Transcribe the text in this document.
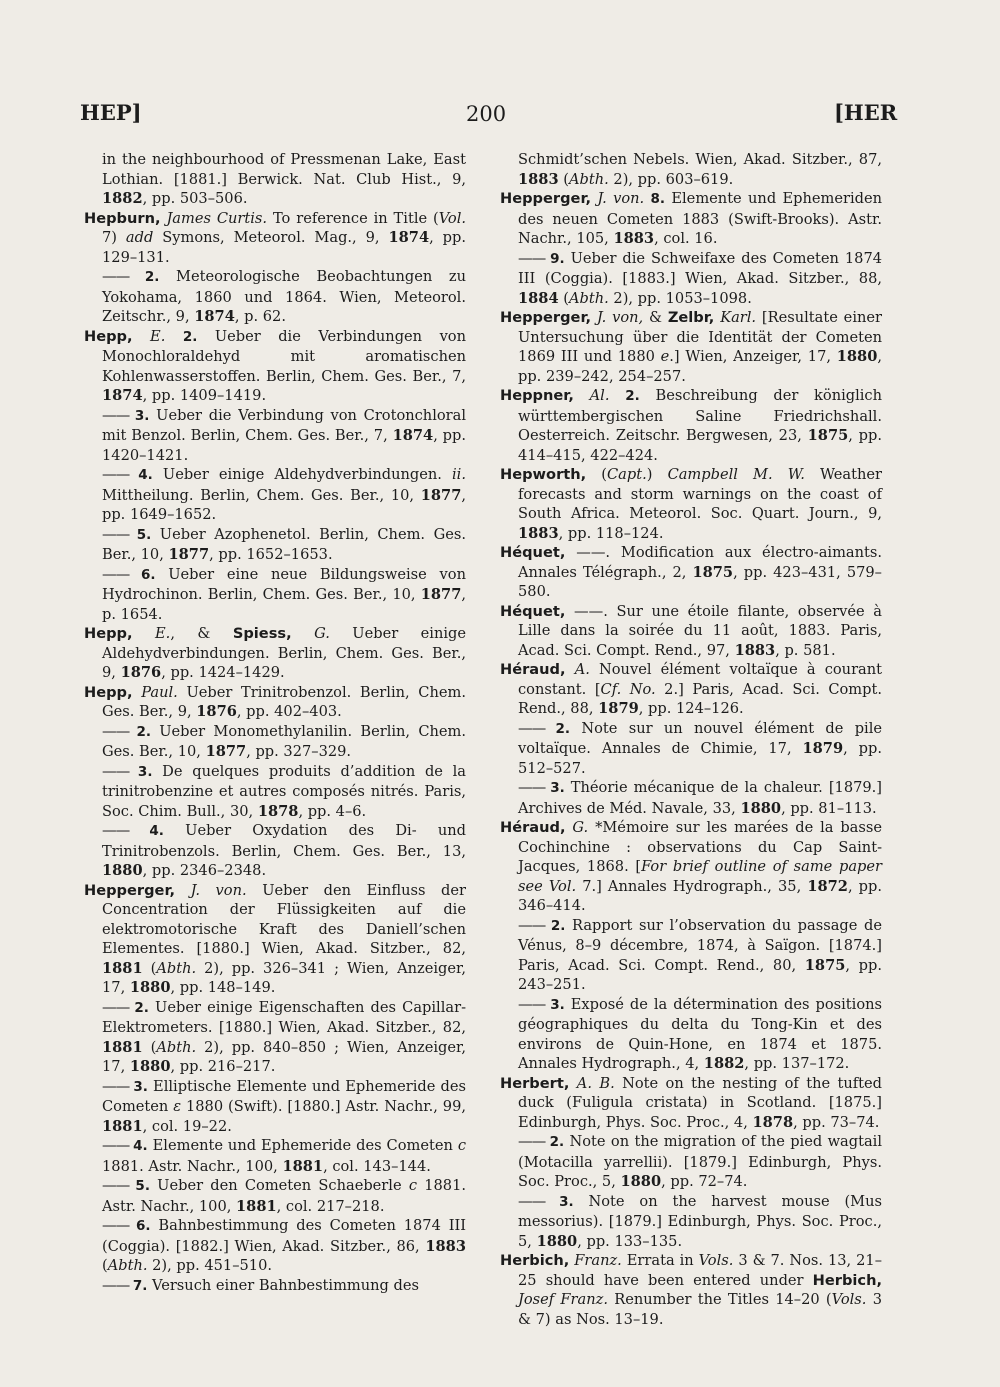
HEP]	200	[HER

in the neighbourhood of Pressmenan Lake, East Lothian. [1881.] Berwick. Nat. Club Hist., 9, 1882, pp. 503–506.

Hepburn, James Curtis. To reference in Title (Vol. 7) add Symons, Meteorol. Mag., 9, 1874, pp. 129–131.

—— 2. Meteorologische Beobachtungen zu Yokohama, 1860 und 1864. Wien, Meteorol. Zeitschr., 9, 1874, p. 62.

Hepp, E. 2. Ueber die Verbindungen von Monochloraldehyd mit aromatischen Kohlenwasserstoffen. Berlin, Chem. Ges. Ber., 7, 1874, pp. 1409–1419.

—— 3. Ueber die Verbindung von Crotonchloral mit Benzol. Berlin, Chem. Ges. Ber., 7, 1874, pp. 1420–1421.

—— 4. Ueber einige Aldehydverbindungen. ii. Mittheilung. Berlin, Chem. Ges. Ber., 10, 1877, pp. 1649–1652.

—— 5. Ueber Azophenetol. Berlin, Chem. Ges. Ber., 10, 1877, pp. 1652–1653.

—— 6. Ueber eine neue Bildungsweise von Hydrochinon. Berlin, Chem. Ges. Ber., 10, 1877, p. 1654.

Hepp, E., & Spiess, G. Ueber einige Aldehydverbindungen. Berlin, Chem. Ges. Ber., 9, 1876, pp. 1424–1429.

Hepp, Paul. Ueber Trinitrobenzol. Berlin, Chem. Ges. Ber., 9, 1876, pp. 402–403.

—— 2. Ueber Monomethylanilin. Berlin, Chem. Ges. Ber., 10, 1877, pp. 327–329.

—— 3. De quelques produits d’addition de la trinitrobenzine et autres composés nitrés. Paris, Soc. Chim. Bull., 30, 1878, pp. 4–6.

—— 4. Ueber Oxydation des Di- und Trinitrobenzols. Berlin, Chem. Ges. Ber., 13, 1880, pp. 2346–2348.

Hepperger, J. von. Ueber den Einfluss der Concentration der Flüssigkeiten auf die elektromotorische Kraft des Daniell’schen Elementes. [1880.] Wien, Akad. Sitzber., 82, 1881 (Abth. 2), pp. 326–341 ; Wien, Anzeiger, 17, 1880, pp. 148–149.

—— 2. Ueber einige Eigenschaften des Capillar-Elektrometers. [1880.] Wien, Akad. Sitzber., 82, 1881 (Abth. 2), pp. 840–850 ; Wien, Anzeiger, 17, 1880, pp. 216–217.

—— 3. Elliptische Elemente und Ephemeride des Cometen ε 1880 (Swift). [1880.] Astr. Nachr., 99, 1881, col. 19–22.

—— 4. Elemente und Ephemeride des Cometen c 1881. Astr. Nachr., 100, 1881, col. 143–144.

—— 5. Ueber den Cometen Schaeberle c 1881. Astr. Nachr., 100, 1881, col. 217–218.

—— 6. Bahnbestimmung des Cometen 1874 III (Coggia). [1882.] Wien, Akad. Sitzber., 86, 1883 (Abth. 2), pp. 451–510.

—— 7. Versuch einer Bahnbestimmung des

Schmidt’schen Nebels. Wien, Akad. Sitzber., 87, 1883 (Abth. 2), pp. 603–619.

Hepperger, J. von. 8. Elemente und Ephemeriden des neuen Cometen 1883 (Swift-Brooks). Astr. Nachr., 105, 1883, col. 16.

—— 9. Ueber die Schweifaxe des Cometen 1874 III (Coggia). [1883.] Wien, Akad. Sitzber., 88, 1884 (Abth. 2), pp. 1053–1098.

Hepperger, J. von, & Zelbr, Karl. [Resultate einer Untersuchung über die Identität der Cometen 1869 III und 1880 e.] Wien, Anzeiger, 17, 1880, pp. 239–242, 254–257.

Heppner, Al. 2. Beschreibung der königlich württembergischen Saline Friedrichshall. Oesterreich. Zeitschr. Bergwesen, 23, 1875, pp. 414–415, 422–424.

Hepworth, (Capt.) Campbell M. W. Weather forecasts and storm warnings on the coast of South Africa. Meteorol. Soc. Quart. Journ., 9, 1883, pp. 118–124.

Héquet, ——. Modification aux électro-aimants. Annales Télégraph., 2, 1875, pp. 423–431, 579–580.

Héquet, ——. Sur une étoile filante, observée à Lille dans la soirée du 11 août, 1883. Paris, Acad. Sci. Compt. Rend., 97, 1883, p. 581.

Héraud, A. Nouvel élément voltaïque à courant constant. [Cf. No. 2.] Paris, Acad. Sci. Compt. Rend., 88, 1879, pp. 124–126.

—— 2. Note sur un nouvel élément de pile voltaïque. Annales de Chimie, 17, 1879, pp. 512–527.

—— 3. Théorie mécanique de la chaleur. [1879.] Archives de Méd. Navale, 33, 1880, pp. 81–113.

Héraud, G. *Mémoire sur les marées de la basse Cochinchine : observations du Cap Saint-Jacques, 1868. [For brief outline of same paper see Vol. 7.] Annales Hydrograph., 35, 1872, pp. 346–414.

—— 2. Rapport sur l’observation du passage de Vénus, 8–9 décembre, 1874, à Saïgon. [1874.] Paris, Acad. Sci. Compt. Rend., 80, 1875, pp. 243–251.

—— 3. Exposé de la détermination des positions géographiques du delta du Tong-Kin et des environs de Quin-Hone, en 1874 et 1875. Annales Hydrograph., 4, 1882, pp. 137–172.

Herbert, A. B. Note on the nesting of the tufted duck (Fuligula cristata) in Scotland. [1875.] Edinburgh, Phys. Soc. Proc., 4, 1878, pp. 73–74.

—— 2. Note on the migration of the pied wagtail (Motacilla yarrellii). [1879.] Edinburgh, Phys. Soc. Proc., 5, 1880, pp. 72–74.

—— 3. Note on the harvest mouse (Mus messorius). [1879.] Edinburgh, Phys. Soc. Proc., 5, 1880, pp. 133–135.

Herbich, Franz. Errata in Vols. 3 & 7. Nos. 13, 21–25 should have been entered under Herbich, Josef Franz. Renumber the Titles 14–20 (Vols. 3 & 7) as Nos. 13–19.
